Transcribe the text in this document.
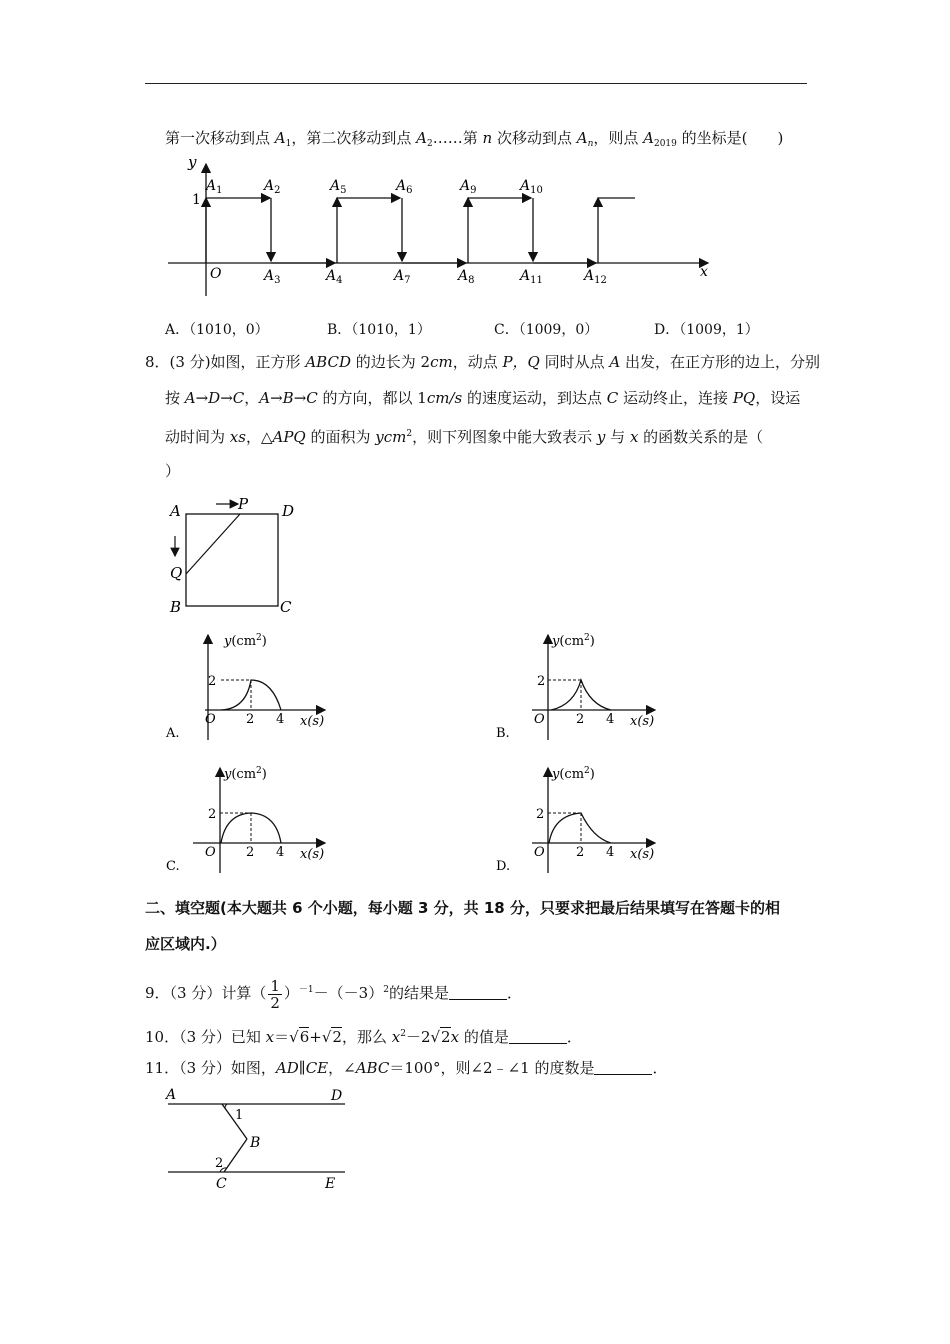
第一次移动到点 $A_1$，第二次移动到点 $A_2\dots\dots$第 n 次移动到点 $A_n$，则点 $A_{2019}$ 的坐标是(　　)
y
x
O
1
$A_1$	$A_2$	$A_5$	$A_6$	$A_9$	$A_{10}$
$A_3$	$A_4$	$A_7$	$A_8$	$A_{11}$	$A_{12}$
A．（1010，0）	B．（1010，1）	C．（1009，0）	D．（1009，1）
8．(3 分)如图，正方形 ABCD 的边长为 2cm，动点 P，Q 同时从点 A 出发，在正方形的边上，分别
按 A→D→C，A→B→C 的方向，都以 1cm/s 的速度运动，到达点 C 运动终止，连接 PQ，设运
动时间为 xs，△APQ 的面积为 ycm$^2$，则下列图象中能大致表示 y 与 x 的函数关系的是（
）
A	D
P
Q
B	C
$y(cm^2)$
2
O 2 4 x(s)
A.
$y(cm^2)$
2
O 2 4 x(s)
B.
$y(cm^2)$
2
O 2 4 x(s)
C.
$y(cm^2)$
2
O 2 4 x(s)
D.
二、填空题(本大题共 6 个小题，每小题 3 分，共 18 分，只要求把最后结果填写在答题卡的相
应区域内.）
9．（3 分）计算（ $\frac{1}{2} )^{-1}-(-3)^2$的结果是	．
10．（3 分）已知 x＝√6+√2，那么 $x^2-2√2x$ 的值是	．
11．（3 分）如图，AD∥CE，∠ABC＝100°，则∠2﹣∠1 的度数是	．
A	D
B
C	E
1
2
